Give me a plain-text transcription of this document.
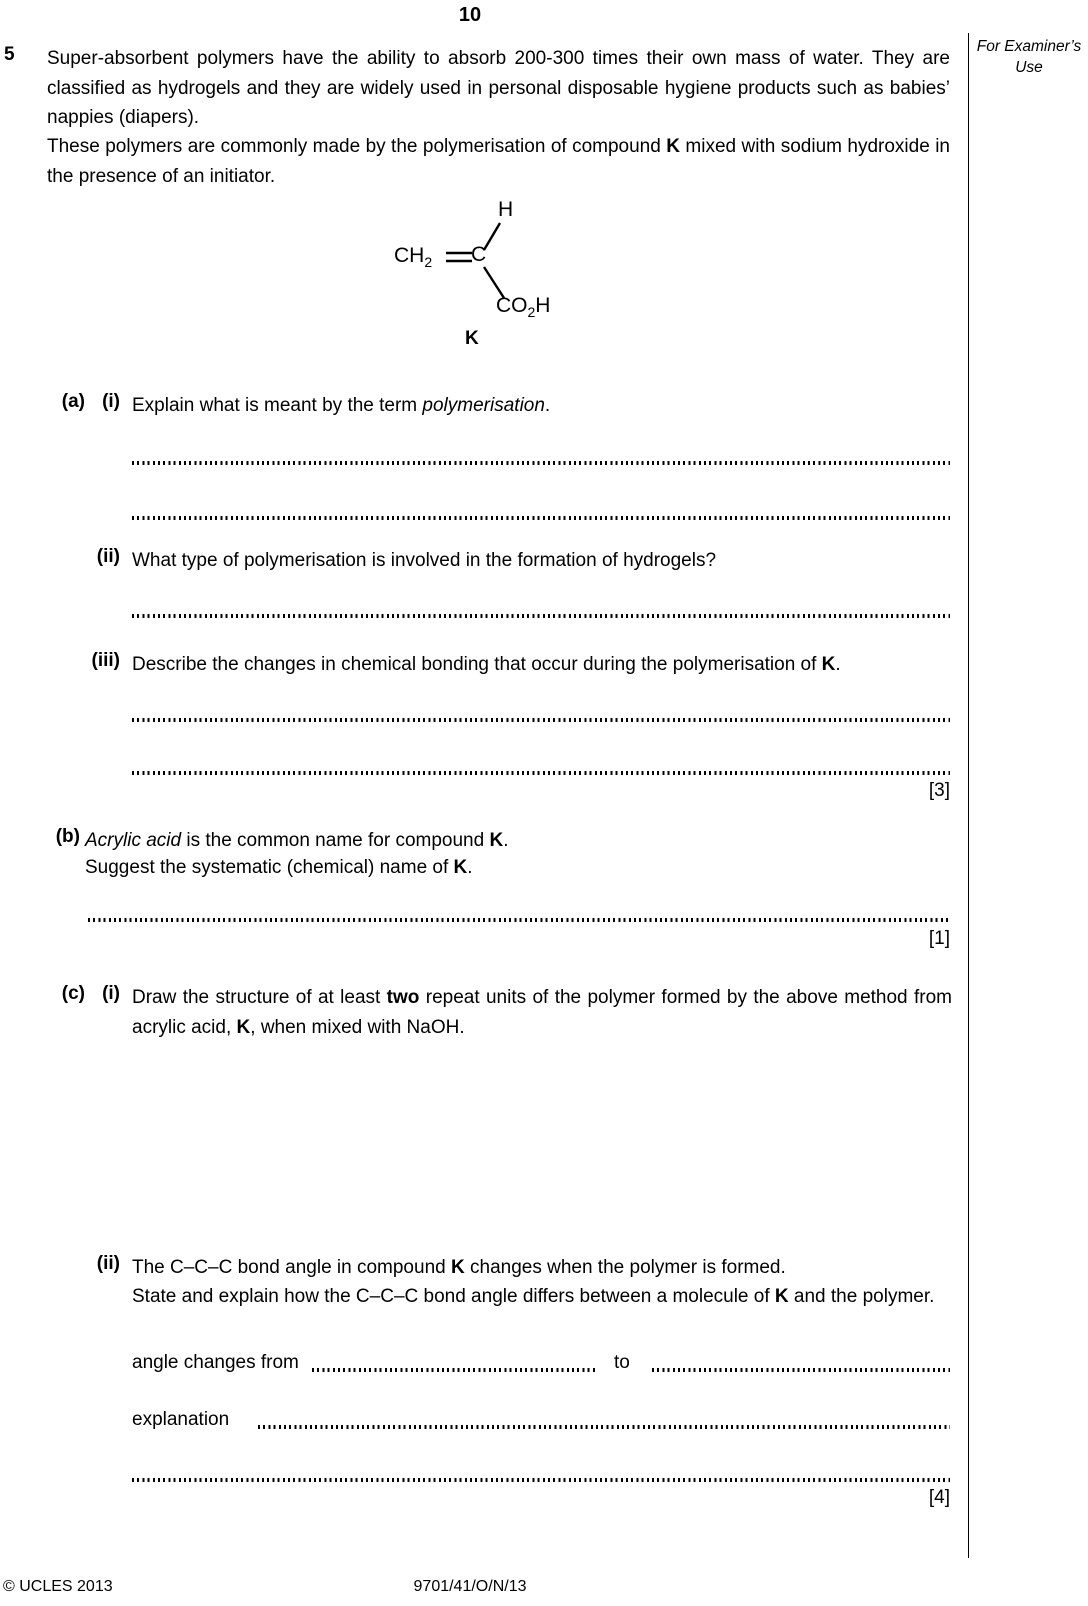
10
For Examiner’s Use
5 Super-absorbent polymers have the ability to absorb 200-300 times their own mass of water. They are classified as hydrogels and they are widely used in personal disposable hygiene products such as babies’ nappies (diapers).
These polymers are commonly made by the polymerisation of compound K mixed with sodium hydroxide in the presence of an initiator.
$CH_2$ C
H
$CO_2H$
K
(a) (i) Explain what is meant by the term polymerisation.
(ii) What type of polymerisation is involved in the formation of hydrogels?
(iii) Describe the changes in chemical bonding that occur during the polymerisation of K.
[3]
(b) Acrylic acid is the common name for compound K.
Suggest the systematic (chemical) name of K.
[1]
(c) (i) Draw the structure of at least two repeat units of the polymer formed by the above method from acrylic acid, K, when mixed with NaOH.
(ii) The C–C–C bond angle in compound K changes when the polymer is formed.
State and explain how the C–C–C bond angle differs between a molecule of K and the polymer.
angle changes from	to
explanation
[4]
© UCLES 2013	9701/41/O/N/13
